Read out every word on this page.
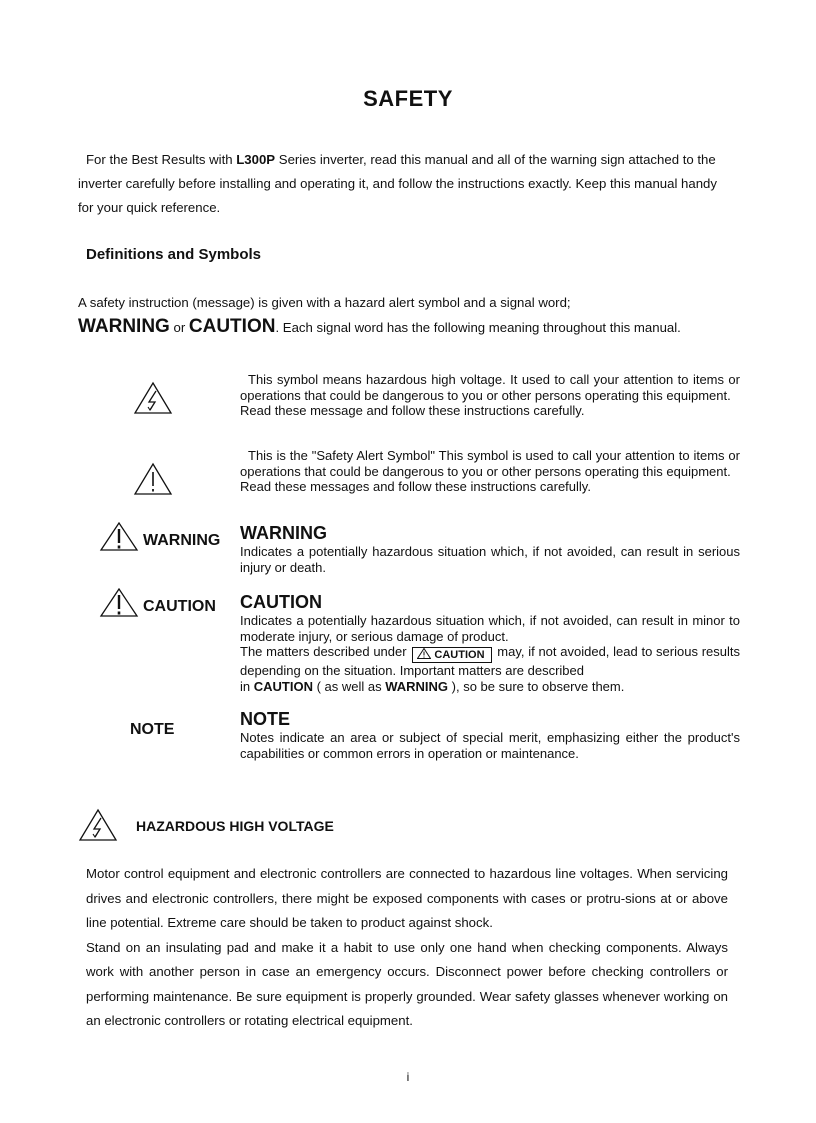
SAFETY
For the Best Results with L300P Series inverter, read this manual and all of the warning sign attached to the inverter carefully before installing and operating it, and follow the instructions exactly. Keep this manual handy for your quick reference.
Definitions and Symbols
A safety instruction (message) is given with a hazard alert symbol and a signal word;
WARNING or CAUTION. Each signal word has the following meaning throughout this manual.
This symbol means hazardous high voltage. It used to call your attention to items or operations that could be dangerous to you or other persons operating this equipment.
Read these message and follow these instructions carefully.
This is the "Safety Alert Symbol" This symbol is used to call your attention to items or operations that could be dangerous to you or other persons operating this equipment.
Read these messages and follow these instructions carefully.
WARNING WARNING
Indicates a potentially hazardous situation which, if not avoided, can result in serious injury or death.
CAUTION CAUTION
Indicates a potentially hazardous situation which, if not avoided, can result in minor to moderate injury, or serious damage of product.
The matters described under	CAUTION may, if not avoided, lead to serious results depending on the situation. Important matters are described
in CAUTION ( as well as WARNING ), so be sure to observe them.
NOTE
NOTE
Notes indicate an area or subject of special merit, emphasizing either the product's capabilities or common errors in operation or maintenance.
HAZARDOUS HIGH VOLTAGE
Motor control equipment and electronic controllers are connected to hazardous line voltages. When servicing drives and electronic controllers, there might be exposed components with cases or protru-sions at or above line potential. Extreme care should be taken to product against shock.
Stand on an insulating pad and make it a habit to use only one hand when checking components. Always work with another person in case an emergency occurs. Disconnect power before checking controllers or performing maintenance. Be sure equipment is properly grounded. Wear safety glasses whenever working on an electronic controllers or rotating electrical equipment.
i
